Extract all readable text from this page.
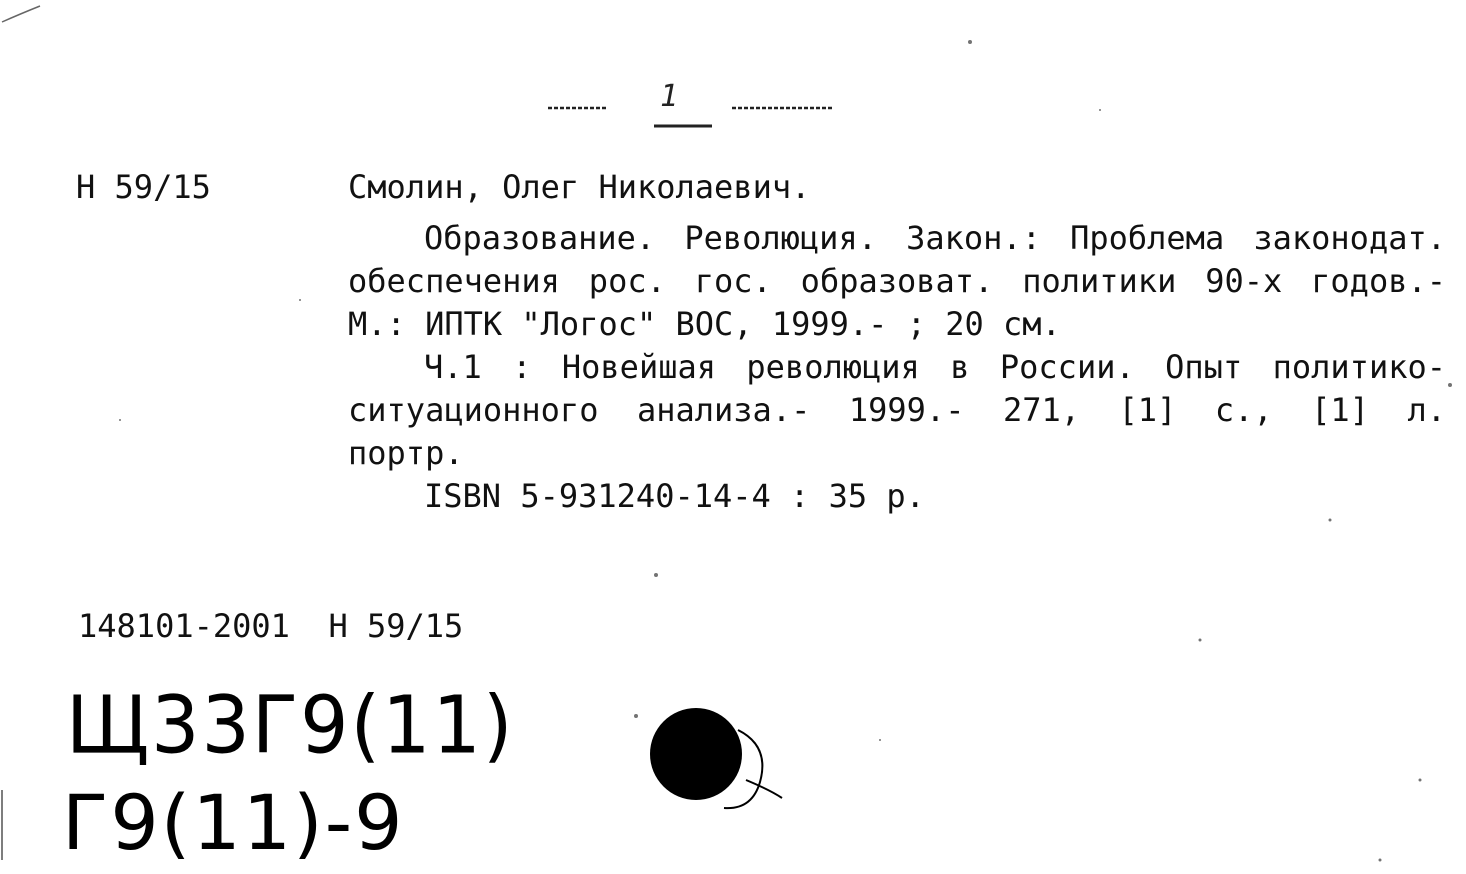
1
Н 59/15	Смолин, Олег Николаевич.

Образование. Революция. Закон.: Проблема законодат. обеспечения рос. гос. образоват. политики 90-х годов.- М.: ИПТК "Логос" ВОС, 1999.- ; 20 см.

Ч.1 : Новейшая революция в России. Опыт политико- ситуационного анализа.- 1999.- 271, [1] с., [1] л. портр.

ISBN 5-931240-14-4 : 35 р.

148101-2001  Н 59/15
Щ33Г9(11)
Г9(11)-9
